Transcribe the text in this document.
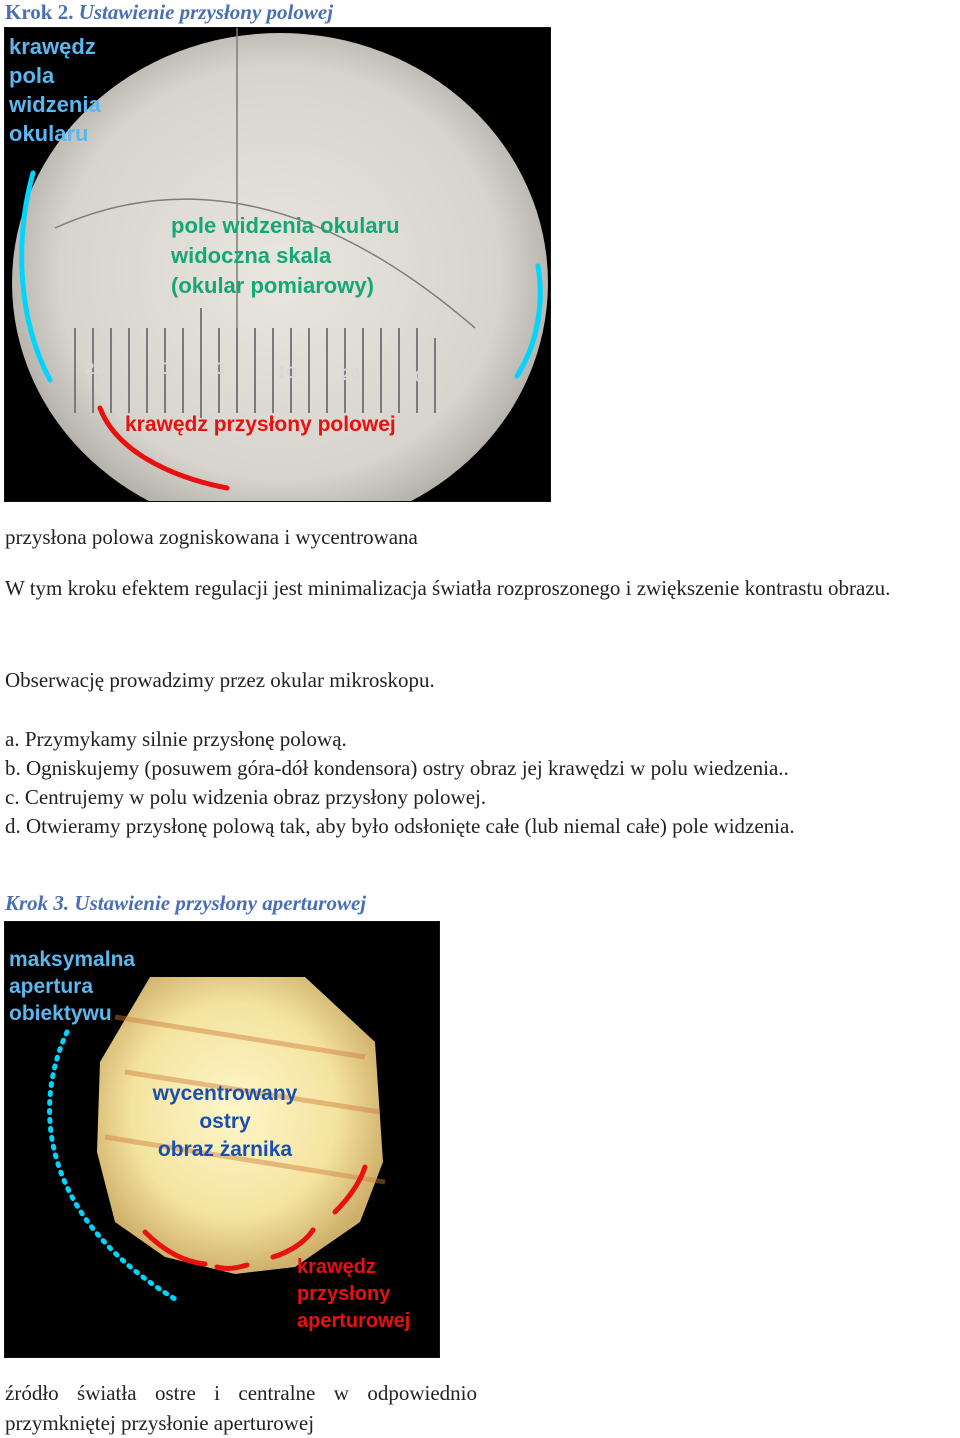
Krok 2. Ustawienie przysłony polowej
20	10	0	10	20	30
krawędz
pola
widzenia
okularu
pole widzenia okularu
widoczna skala
(okular pomiarowy)
krawędz przysłony polowej
przysłona polowa zogniskowana i wycentrowana
W tym kroku efektem regulacji jest minimalizacja światła rozproszonego i zwiększenie kontrastu obrazu.
Obserwację prowadzimy przez okular mikroskopu.
a. Przymykamy silnie przysłonę polową.
b. Ogniskujemy (posuwem góra-dół kondensora) ostry obraz jej krawędzi w polu wiedzenia..
c. Centrujemy w polu widzenia obraz przysłony polowej.
d. Otwieramy przysłonę polową tak, aby było odsłonięte całe (lub niemal całe) pole widzenia.
Krok 3. Ustawienie przysłony aperturowej
maksymalna
apertura
obiektywu
wycentrowany
ostry
obraz żarnika
krawędz
przysłony
aperturowej
źródło światła ostre i centralne w odpowiednio
przymkniętej przysłonie aperturowej
